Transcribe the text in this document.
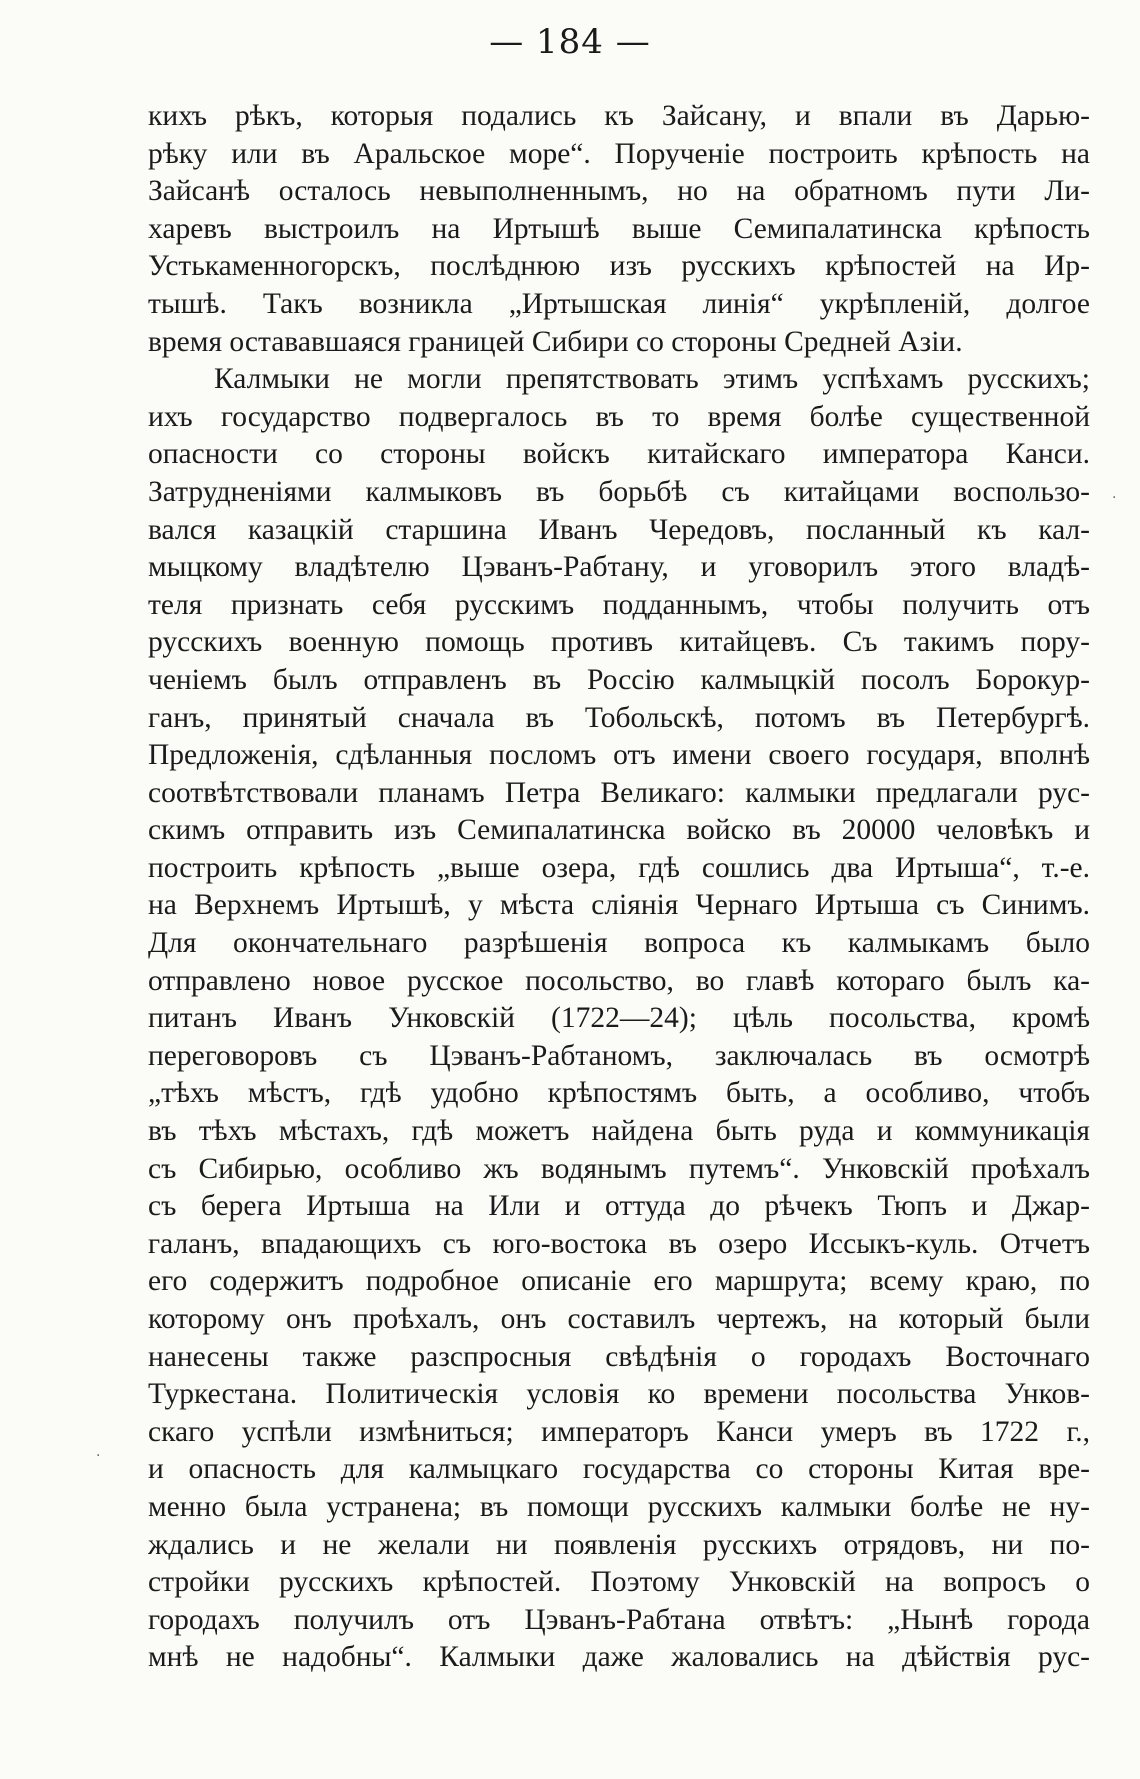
— 184 —
кихъ рѣкъ, которыя подались къ Зайсану, и впали въ Дарью-
рѣку или въ Аральское море“. Порученіе построить крѣпость на
Зайсанѣ осталось невыполненнымъ, но на обратномъ пути Ли-
харевъ выстроилъ на Иртышѣ выше Семипалатинска крѣпость
Устькаменногорскъ, послѣднюю изъ русскихъ крѣпостей на Ир-
тышѣ. Такъ возникла „Иртышская линія“ укрѣпленій, долгое
время остававшаяся границей Сибири со стороны Средней Азіи.
Калмыки не могли препятствовать этимъ успѣхамъ русскихъ;
ихъ государство подвергалось въ то время болѣе существенной
опасности со стороны войскъ китайскаго императора Канси.
Затрудненіями калмыковъ въ борьбѣ съ китайцами воспользо-
вался казацкій старшина Иванъ Чередовъ, посланный къ кал-
мыцкому владѣтелю Цэванъ-Рабтану, и уговорилъ этого владѣ-
теля признать себя русскимъ подданнымъ, чтобы получить отъ
русскихъ военную помощь противъ китайцевъ. Съ такимъ пору-
ченіемъ былъ отправленъ въ Россію калмыцкій посолъ Борокур-
ганъ, принятый сначала въ Тобольскѣ, потомъ въ Петербургѣ.
Предложенія, сдѣланныя посломъ отъ имени своего государя, вполнѣ
соотвѣтствовали планамъ Петра Великаго: калмыки предлагали рус-
скимъ отправить изъ Семипалатинска войско въ 20000 человѣкъ и
построить крѣпость „выше озера, гдѣ сошлись два Иртыша“, т.-е.
на Верхнемъ Иртышѣ, у мѣста сліянія Чернаго Иртыша съ Синимъ.
Для окончательнаго разрѣшенія вопроса къ калмыкамъ было
отправлено новое русское посольство, во главѣ котораго былъ ка-
питанъ Иванъ Унковскій (1722—24); цѣль посольства, кромѣ
переговоровъ съ Цэванъ-Рабтаномъ, заключалась въ осмотрѣ
„тѣхъ мѣстъ, гдѣ удобно крѣпостямъ быть, а особливо, чтобъ
въ тѣхъ мѣстахъ, гдѣ можетъ найдена быть руда и коммуникація
съ Сибирью, особливо жъ водянымъ путемъ“. Унковскій проѣхалъ
съ берега Иртыша на Или и оттуда до рѣчекъ Тюпъ и Джар-
галанъ, впадающихъ съ юго-востока въ озеро Иссыкъ-куль. Отчетъ
его содержитъ подробное описаніе его маршрута; всему краю, по
которому онъ проѣхалъ, онъ составилъ чертежъ, на который были
нанесены также разспросныя свѣдѣнія о городахъ Восточнаго
Туркестана. Политическія условія ко времени посольства Унков-
скаго успѣли измѣниться; императоръ Канси умеръ въ 1722 г.,
и опасность для калмыцкаго государства со стороны Китая вре-
менно была устранена; въ помощи русскихъ калмыки болѣе не ну-
ждались и не желали ни появленія русскихъ отрядовъ, ни по-
стройки русскихъ крѣпостей. Поэтому Унковскій на вопросъ о
городахъ получилъ отъ Цэванъ-Рабтана отвѣтъ: „Нынѣ города
мнѣ не надобны“. Калмыки даже жаловались на дѣйствія рус-
·
·
